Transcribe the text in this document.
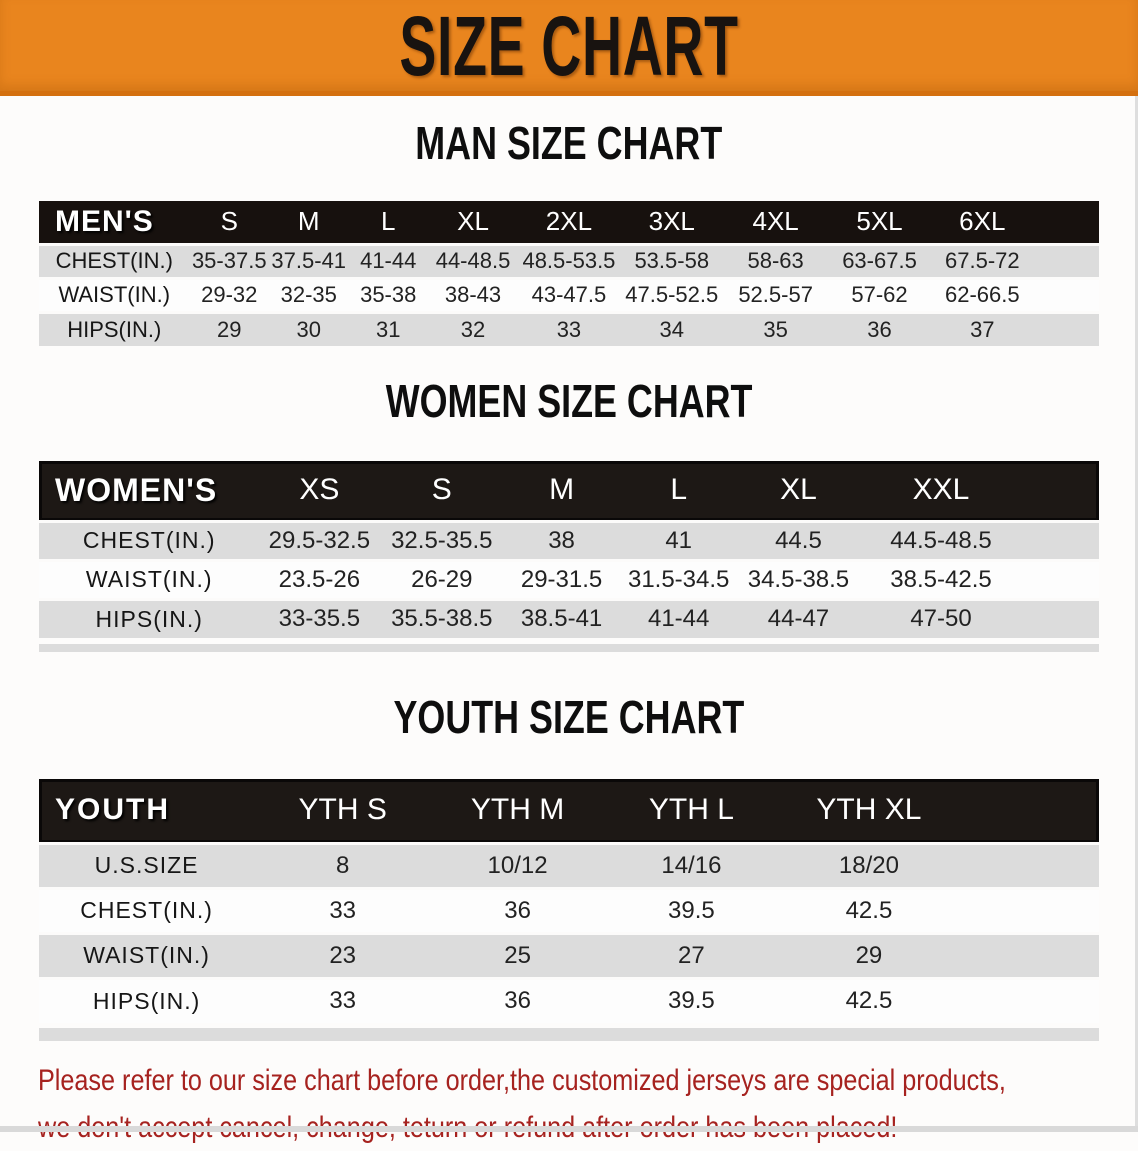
SIZE CHART
MAN SIZE CHART
MEN'S	S	M	L	XL	2XL	3XL	4XL	5XL	6XL	
CHEST(IN.)	35-37.5	37.5-41	41-44	44-48.5	48.5-53.5	53.5-58	58-63	63-67.5	67.5-72	
WAIST(IN.)	29-32	32-35	35-38	38-43	43-47.5	47.5-52.5	52.5-57	57-62	62-66.5	
HIPS(IN.)	29	30	31	32	33	34	35	36	37	
WOMEN SIZE CHART
WOMEN'S	XS	S	M	L	XL	XXL	
CHEST(IN.)	29.5-32.5	32.5-35.5	38	41	44.5	44.5-48.5	
WAIST(IN.)	23.5-26	26-29	29-31.5	31.5-34.5	34.5-38.5	38.5-42.5	
HIPS(IN.)	33-35.5	35.5-38.5	38.5-41	41-44	44-47	47-50	
YOUTH SIZE CHART
YOUTH	YTH S	YTH M	YTH L	YTH XL	
U.S.SIZE	8	10/12	14/16	18/20	
CHEST(IN.)	33	36	39.5	42.5	
WAIST(IN.)	23	25	27	29	
HIPS(IN.)	33	36	39.5	42.5	

Please refer to our size chart before order,the customized jerseys are special products,
